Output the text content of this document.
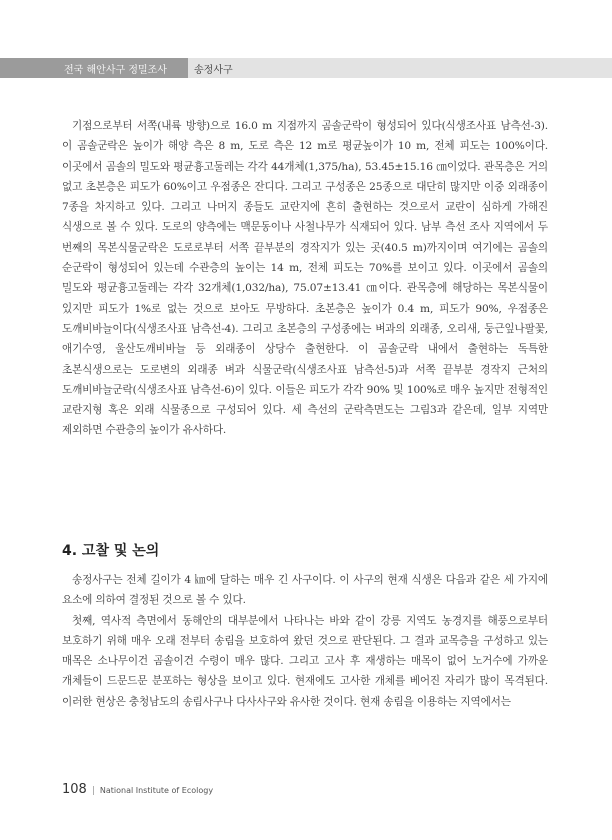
전국 해안사구 정밀조사	송정사구

기점으로부터 서쪽(내륙 방향)으로 16.0 m 지점까지 곰솔군락이 형성되어 있다(식생조사표 남측선-3). 이 곰솔군락은 높이가 해양 측은 8 m, 도로 측은 12 m로 평균높이가 10 m, 전체 피도는 100%이다. 이곳에서 곰솔의 밀도와 평균흉고둘레는 각각 44개체(1,375/ha), 53.45±15.16 ㎝이었다. 관목층은 거의 없고 초본층은 피도가 60%이고 우점종은 잔디다. 그리고 구성종은 25종으로 대단히 많지만 이중 외래종이 7종을 차지하고 있다. 그리고 나머지 종들도 교란지에 흔히 출현하는 것으로서 교란이 심하게 가해진 식생으로 볼 수 있다. 도로의 양측에는 맥문동이나 사철나무가 식재되어 있다. 남부 측선 조사 지역에서 두 번째의 목본식물군락은 도로로부터 서쪽 끝부분의 경작지가 있는 곳(40.5 m)까지이며 여기에는 곰솔의 순군락이 형성되어 있는데 수관층의 높이는 14 m, 전체 피도는 70%를 보이고 있다. 이곳에서 곰솔의 밀도와 평균흉고둘레는 각각 32개체(1,032/ha), 75.07±13.41 ㎝이다. 관목층에 해당하는 목본식물이 있지만 피도가 1%로 없는 것으로 보아도 무방하다. 초본층은 높이가 0.4 m, 피도가 90%, 우점종은 도깨비바늘이다(식생조사표 남측선-4). 그리고 초본층의 구성종에는 벼과의 외래종, 오리새, 둥근잎나팔꽃, 애기수영, 울산도깨비바늘 등 외래종이 상당수 출현한다. 이 곰솔군락 내에서 출현하는 독특한 초본식생으로는 도로변의 외래종 벼과 식물군락(식생조사표 남측선-5)과 서쪽 끝부분 경작지 근처의 도깨비바늘군락(식생조사표 남측선-6)이 있다. 이들은 피도가 각각 90% 및 100%로 매우 높지만 전형적인 교란지형 혹은 외래 식물종으로 구성되어 있다. 세 측선의 군락측면도는 그림3과 같은데, 일부 지역만 제외하면 수관층의 높이가 유사하다.

4. 고찰 및 논의

송정사구는 전체 길이가 4 ㎞에 달하는 매우 긴 사구이다. 이 사구의 현재 식생은 다음과 같은 세 가지에 요소에 의하여 결정된 것으로 볼 수 있다.

첫째, 역사적 측면에서 동해안의 대부분에서 나타나는 바와 같이 강릉 지역도 농경지를 해풍으로부터 보호하기 위해 매우 오래 전부터 송림을 보호하여 왔던 것으로 판단된다. 그 결과 교목층을 구성하고 있는 매목은 소나무이건 곰솔이건 수령이 매우 많다. 그리고 고사 후 재생하는 매목이 없어 노거수에 가까운 개체들이 드문드문 분포하는 형상을 보이고 있다. 현재에도 고사한 개체를 베어진 자리가 많이 목격된다. 이러한 현상은 충청남도의 송림사구나 다사사구와 유사한 것이다. 현재 송림을 이용하는 지역에서는

108 | National Institute of Ecology
